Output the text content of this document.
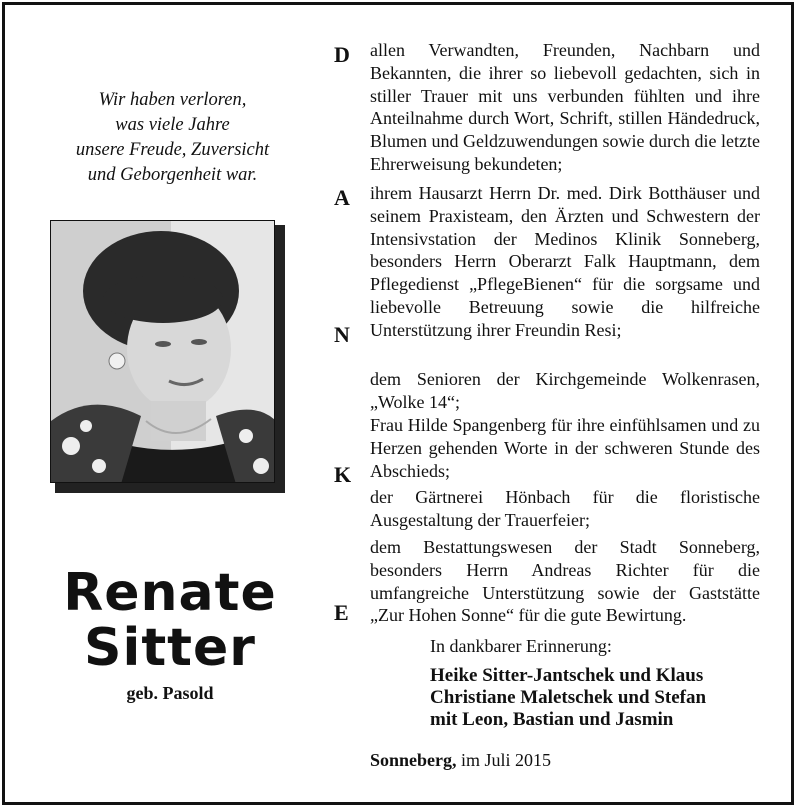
Wir haben verloren,
was viele Jahre
unsere Freude, Zuversicht
und Geborgenheit war.
Renate
Sitter
geb. Pasold
D
A
N
K
E

allen Verwandten, Freunden, Nachbarn und Bekannten, die ihrer so liebevoll gedachten, sich in stiller Trauer mit uns verbunden fühlten und ihre Anteilnahme durch Wort, Schrift, stillen Händedruck, Blumen und Geldzuwendungen sowie durch die letzte Ehrerweisung bekundeten;

ihrem Hausarzt Herrn Dr. med. Dirk Botthäuser und seinem Praxisteam, den Ärzten und Schwestern der Intensivstation der Medinos Klinik Sonneberg, besonders Herrn Oberarzt Falk Hauptmann, dem Pflegedienst „PflegeBienen“ für die sorgsame und liebevolle Betreuung sowie die hilfreiche Unterstützung ihrer Freundin Resi;

dem Senioren der Kirchgemeinde Wolkenrasen, „Wolke 14“;

Frau Hilde Spangenberg für ihre einfühlsamen und zu Herzen gehenden Worte in der schweren Stunde des Abschieds;

der Gärtnerei Hönbach für die floristische Ausgestaltung der Trauerfeier;

dem Bestattungswesen der Stadt Sonneberg, besonders Herrn Andreas Richter für die umfangreiche Unterstützung sowie der Gaststätte „Zur Hohen Sonne“ für die gute Bewirtung.

In dankbarer Erinnerung:
Heike Sitter-Jantschek und Klaus
Christiane Maletschek und Stefan
mit Leon, Bastian und Jasmin
Sonneberg, im Juli 2015
